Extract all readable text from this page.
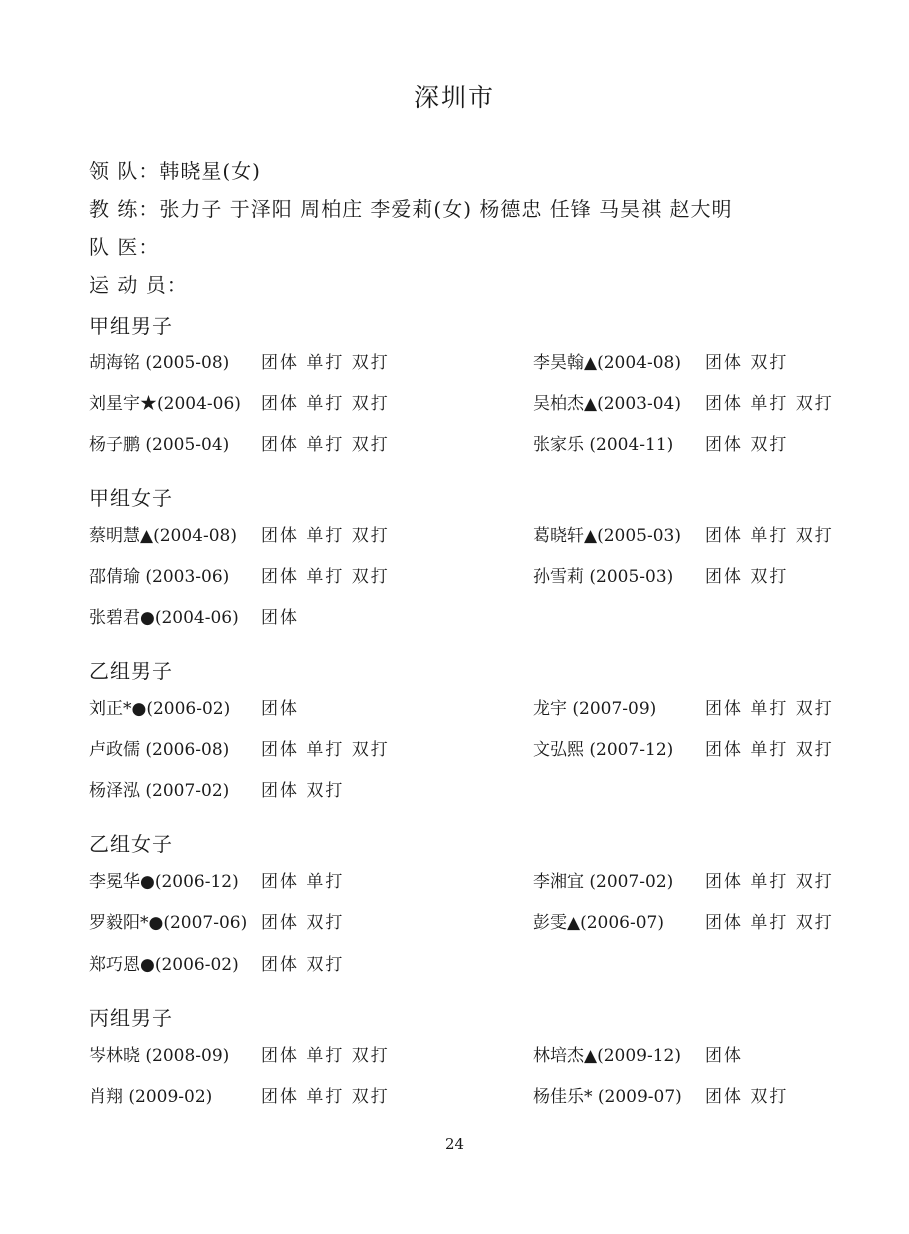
深圳市
领 队：韩晓星(女)
教 练：张力子 于泽阳 周柏庄 李爱莉(女) 杨德忠 任锋 马昊祺 赵大明
队 医：
运 动 员：
甲组男子
胡海铭 (2005-08) 团体 单打 双打	李昊翰▲(2004-08) 团体 双打
刘星宇★(2004-06) 团体 单打 双打	吴柏杰▲(2003-04) 团体 单打 双打
杨子鹏 (2005-04) 团体 单打 双打	张家乐 (2004-11) 团体 双打
甲组女子
蔡明慧▲(2004-08) 团体 单打 双打	葛晓轩▲(2005-03) 团体 单打 双打
邵倩瑜 (2003-06) 团体 单打 双打	孙雪莉 (2005-03) 团体 双打
张碧君●(2004-06) 团体
乙组男子
刘正*●(2006-02) 团体	龙宇 (2007-09)	团体 单打 双打
卢政儒 (2006-08) 团体 单打 双打	文弘熙 (2007-12) 团体 单打 双打
杨泽泓 (2007-02) 团体 双打
乙组女子
李冕华●(2006-12) 团体 单打	李湘宜 (2007-02) 团体 单打 双打
罗毅阳*●(2007-06) 团体 双打	彭雯▲(2006-07) 团体 单打 双打
郑巧恩●(2006-02) 团体 双打
丙组男子
岑林晓 (2008-09) 团体 单打 双打	林培杰▲(2009-12) 团体
肖翔 (2009-02)	团体 单打 双打	杨佳乐* (2009-07) 团体 双打
24
